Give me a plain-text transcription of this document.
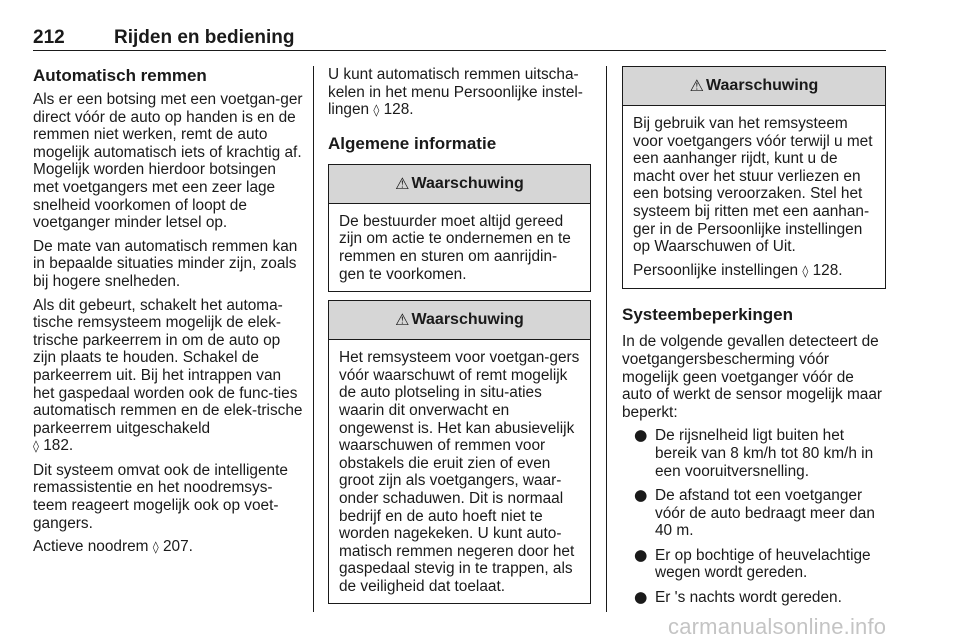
212	Rijden en bediening
Automatisch remmen

Als er een botsing met een voetgan-ger direct vóór de auto op handen is en de remmen niet werken, remt de auto mogelijk automatisch iets of krachtig af. Mogelijk worden hierdoor botsingen met voetgangers met een zeer lage snelheid voorkomen of loopt de voetganger minder letsel op.

De mate van automatisch remmen kan in bepaalde situaties minder zijn, zoals bij hogere snelheden.

Als dit gebeurt, schakelt het automa-tische remsysteem mogelijk de elek-trische parkeerrem in om de auto op zijn plaats te houden. Schakel de parkeerrem uit. Bij het intrappen van het gaspedaal worden ook de func-ties automatisch remmen en de elek-trische parkeerrem uitgeschakeld
◊ 182.

Dit systeem omvat ook de intelligente remassistentie en het noodremsys-teem reageert mogelijk ook op voet-gangers.

Actieve noodrem ◊ 207.

U kunt automatisch remmen uitscha-kelen in het menu Persoonlijke instel-lingen ◊ 128.

Algemene informatie
⚠ Waarschuwing

De bestuurder moet altijd gereed zijn om actie te ondernemen en te remmen en sturen om aanrijdin-gen te voorkomen.

⚠ Waarschuwing

Het remsysteem voor voetgan-gers vóór waarschuwt of remt mogelijk de auto plotseling in situ-aties waarin dit onverwacht en ongewenst is. Het kan abusievelijk waarschuwen of remmen voor obstakels die eruit zien of even groot zijn als voetgangers, waar-onder schaduwen. Dit is normaal bedrijf en de auto hoeft niet te worden nagekeken. U kunt auto-matisch remmen negeren door het gaspedaal stevig in te trappen, als de veiligheid dat toelaat.

⚠ Waarschuwing

Bij gebruik van het remsysteem voor voetgangers vóór terwijl u met een aanhanger rijdt, kunt u de macht over het stuur verliezen en een botsing veroorzaken. Stel het systeem bij ritten met een aanhan-ger in de Persoonlijke instellingen op Waarschuwen of Uit.

Persoonlijke instellingen ◊ 128.

Systeembeperkingen

In de volgende gevallen detecteert de voetgangersbescherming vóór mogelijk geen voetganger vóór de auto of werkt de sensor mogelijk maar beperkt:

● De rijsnelheid ligt buiten het bereik van 8 km/h tot 80 km/h in een vooruitversnelling.
● De afstand tot een voetganger vóór de auto bedraagt meer dan 40 m.
● Er op bochtige of heuvelachtige wegen wordt gereden.
● Er 's nachts wordt gereden.
carmanualsonline.info
